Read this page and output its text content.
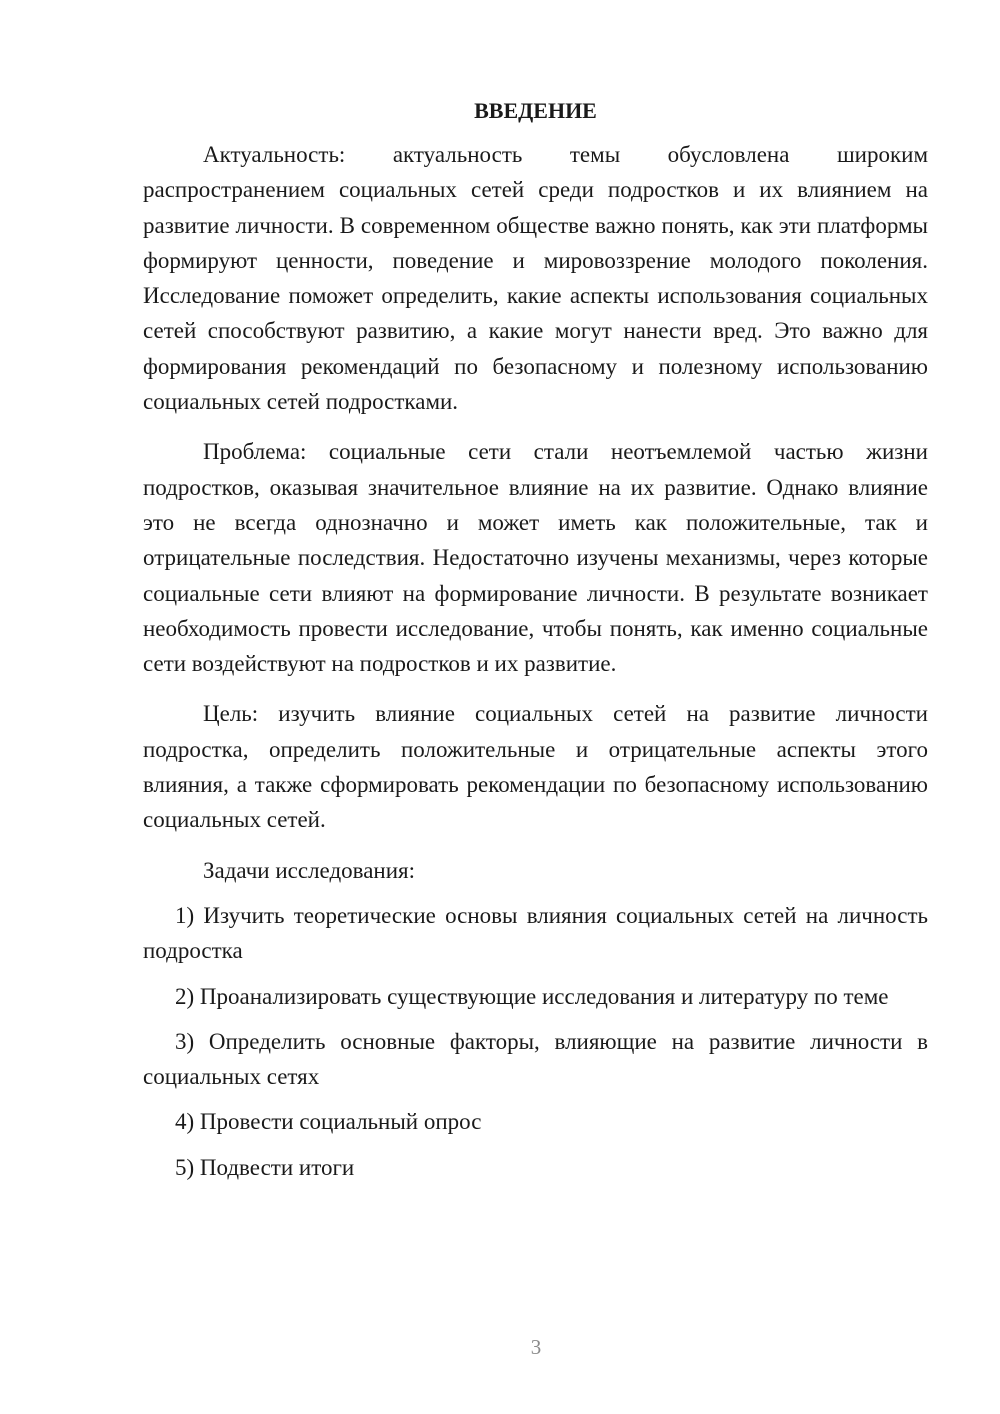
ВВЕДЕНИЕ

Актуальность: актуальность темы обусловлена широким распространением социальных сетей среди подростков и их влиянием на развитие личности. В современном обществе важно понять, как эти платформы формируют ценности, поведение и мировоззрение молодого поколения. Исследование поможет определить, какие аспекты использования социальных сетей способствуют развитию, а какие могут нанести вред. Это важно для формирования рекомендаций по безопасному и полезному использованию социальных сетей подростками.

Проблема: социальные сети стали неотъемлемой частью жизни подростков, оказывая значительное влияние на их развитие. Однако влияние это не всегда однозначно и может иметь как положительные, так и отрицательные последствия. Недостаточно изучены механизмы, через которые социальные сети влияют на формирование личности. В результате возникает необходимость провести исследование, чтобы понять, как именно социальные сети воздействуют на подростков и их развитие.

Цель: изучить влияние социальных сетей на развитие личности подростка, определить положительные и отрицательные аспекты этого влияния, а также сформировать рекомендации по безопасному использованию социальных сетей.

Задачи исследования:

1) Изучить теоретические основы влияния социальных сетей на личность подростка

2) Проанализировать существующие исследования и литературу по теме

3) Определить основные факторы, влияющие на развитие личности в социальных сетях

4) Провести социальный опрос

5) Подвести итоги

3
